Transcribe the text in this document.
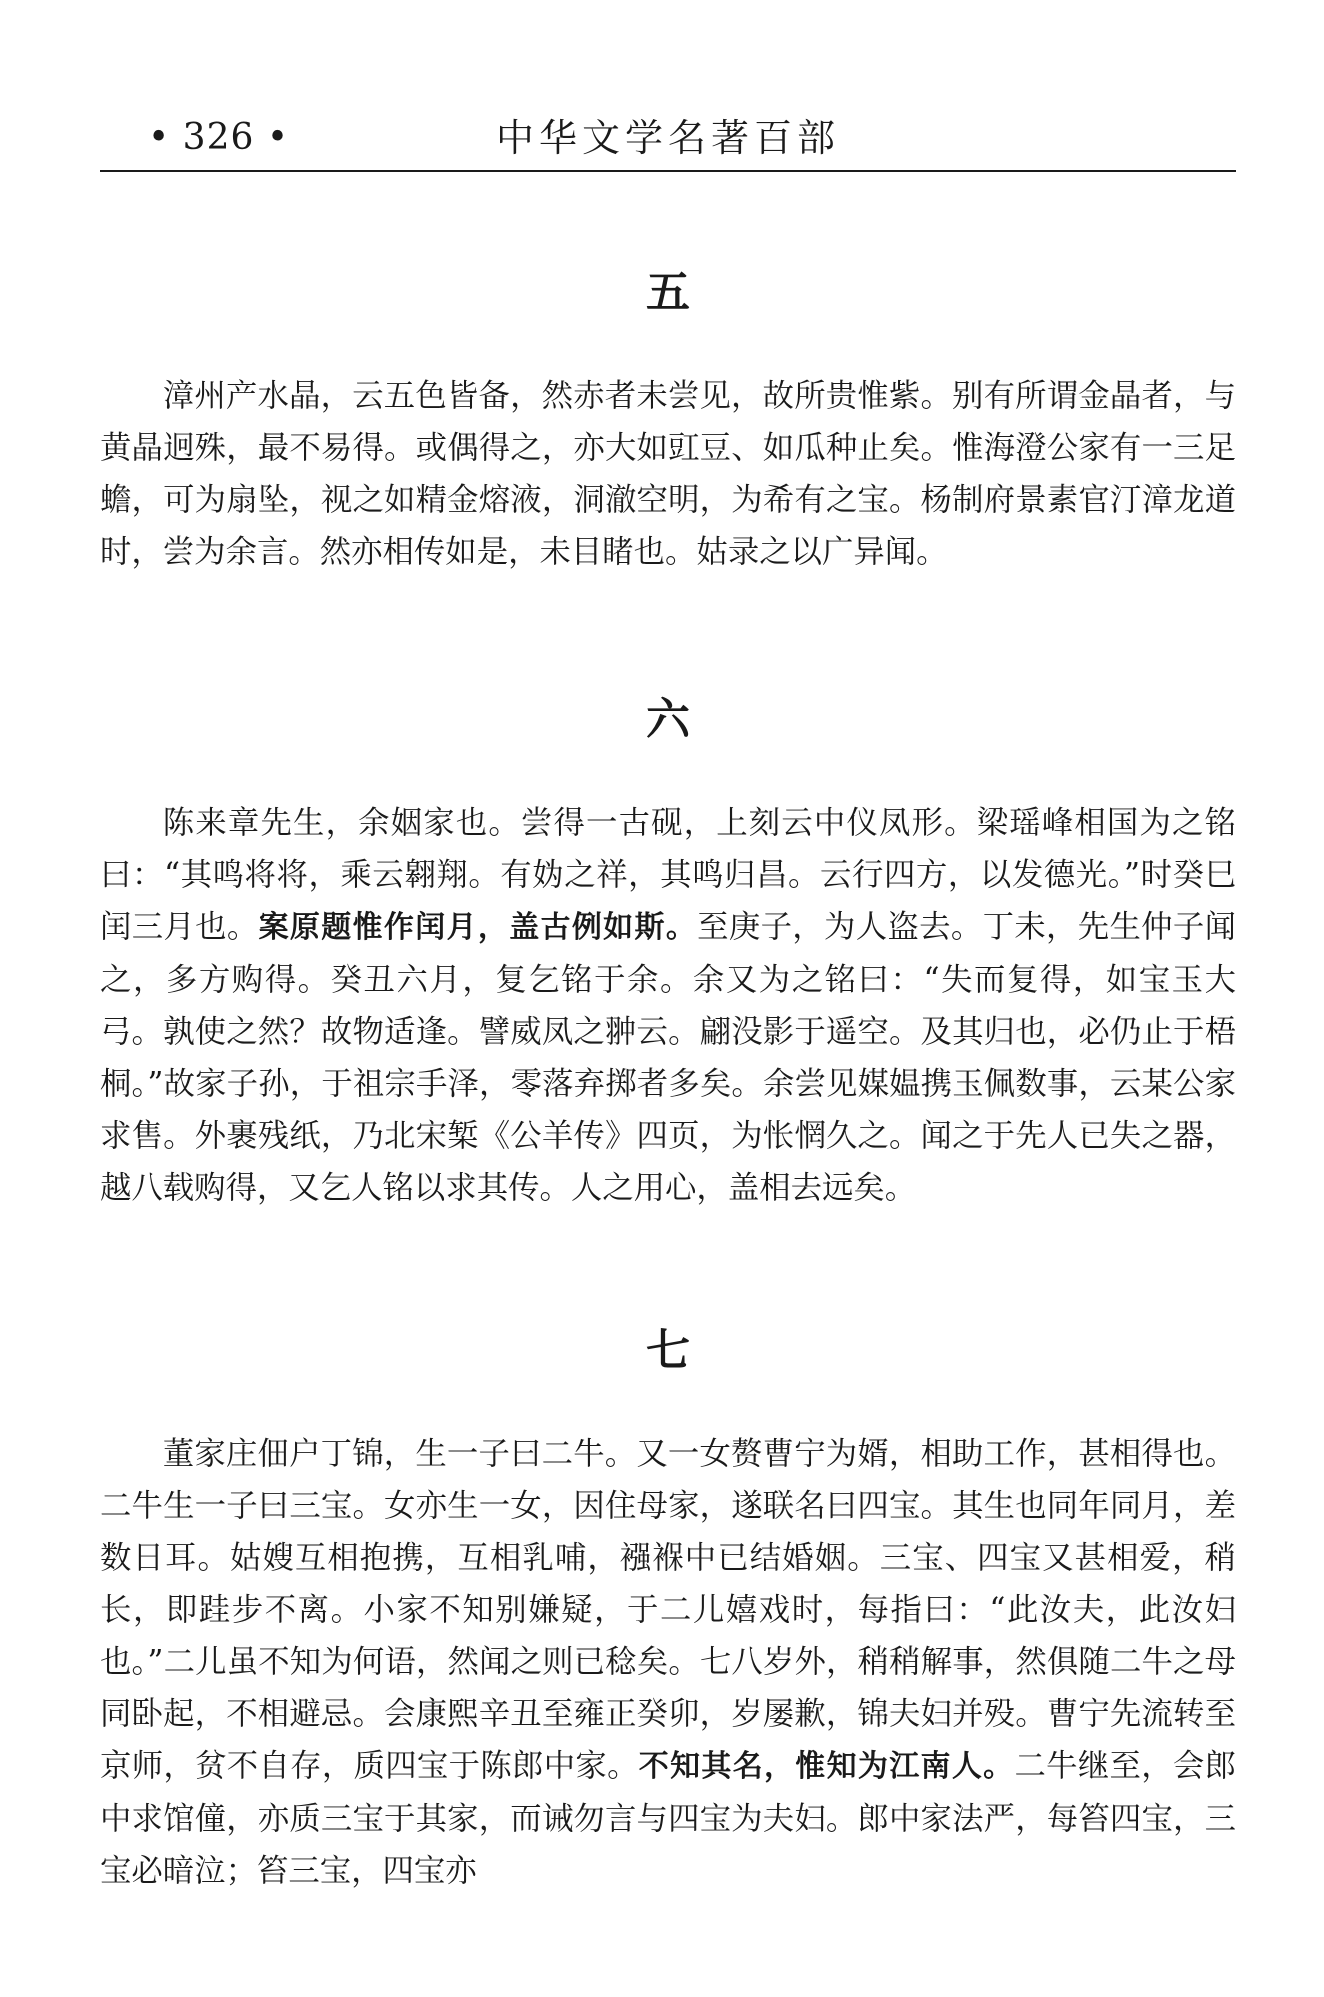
• 326 •	中华文学名著百部
五

漳州产水晶，云五色皆备，然赤者未尝见，故所贵惟紫。别有所谓金晶者，与黄晶迥殊，最不易得。或偶得之，亦大如豇豆、如瓜种止矣。惟海澄公家有一三足蟾，可为扇坠，视之如精金熔液，洞澈空明，为希有之宝。杨制府景素官汀漳龙道时，尝为余言。然亦相传如是，未目睹也。姑录之以广异闻。

六

陈来章先生，余姻家也。尝得一古砚，上刻云中仪凤形。梁瑶峰相国为之铭曰：“其鸣将将，乘云翱翔。有妫之祥，其鸣归昌。云行四方，以发德光。”时癸巳闰三月也。案原题惟作闰月，盖古例如斯。至庚子，为人盗去。丁未，先生仲子闻之，多方购得。癸丑六月，复乞铭于余。余又为之铭曰：“失而复得，如宝玉大弓。孰使之然？故物适逢。譬威凤之翀云。翩没影于遥空。及其归也，必仍止于梧桐。”故家子孙，于祖宗手泽，零落弃掷者多矣。余尝见媒媪携玉佩数事，云某公家求售。外裹残纸，乃北宋椠《公羊传》四页，为怅惘久之。闻之于先人已失之器，越八载购得，又乞人铭以求其传。人之用心，盖相去远矣。

七

董家庄佃户丁锦，生一子曰二牛。又一女赘曹宁为婿，相助工作，甚相得也。二牛生一子曰三宝。女亦生一女，因住母家，遂联名曰四宝。其生也同年同月，差数日耳。姑嫂互相抱携，互相乳哺，襁褓中已结婚姻。三宝、四宝又甚相爱，稍长，即跬步不离。小家不知别嫌疑，于二儿嬉戏时，每指曰：“此汝夫，此汝妇也。”二儿虽不知为何语，然闻之则已稔矣。七八岁外，稍稍解事，然俱随二牛之母同卧起，不相避忌。会康熙辛丑至雍正癸卯，岁屡歉，锦夫妇并殁。曹宁先流转至京师，贫不自存，质四宝于陈郎中家。不知其名，惟知为江南人。二牛继至，会郎中求馆僮，亦质三宝于其家，而诫勿言与四宝为夫妇。郎中家法严，每笞四宝，三宝必暗泣；笞三宝，四宝亦
